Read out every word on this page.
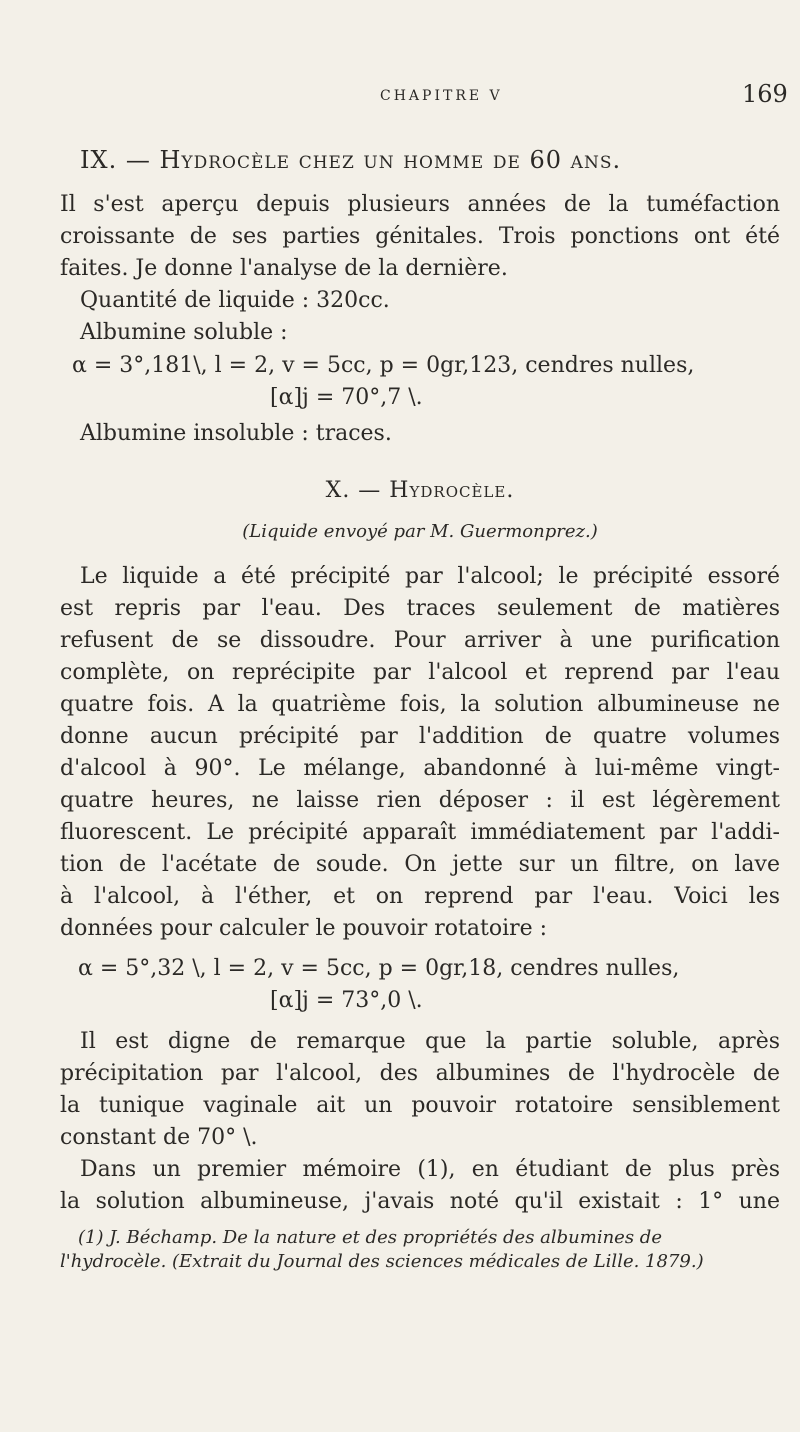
CHAPITRE V	169
IX. — Hydrocèle chez un homme de 60 ans.
Il s'est aperçu depuis plusieurs années de la tuméfaction
croissante de ses parties génitales. Trois ponctions ont été
faites. Je donne l'analyse de la dernière.
Quantité de liquide : 320cc.
Albumine soluble :
α = 3°,181\, l = 2, v = 5cc, p = 0gr,123, cendres nulles,
[α]j = 70°,7 \.
Albumine insoluble : traces.
X. — Hydrocèle.
(Liquide envoyé par M. Guermonprez.)
Le liquide a été précipité par l'alcool; le précipité essoré
est repris par l'eau. Des traces seulement de matières
refusent de se dissoudre. Pour arriver à une purification
complète, on reprécipite par l'alcool et reprend par l'eau
quatre fois. A la quatrième fois, la solution albumineuse ne
donne aucun précipité par l'addition de quatre volumes
d'alcool à 90°. Le mélange, abandonné à lui-même vingt-
quatre heures, ne laisse rien déposer : il est légèrement
fluorescent. Le précipité apparaît immédiatement par l'addi-
tion de l'acétate de soude. On jette sur un filtre, on lave
à l'alcool, à l'éther, et on reprend par l'eau. Voici les
données pour calculer le pouvoir rotatoire :
α = 5°,32 \, l = 2, v = 5cc, p = 0gr,18, cendres nulles,
[α]j = 73°,0 \.
Il est digne de remarque que la partie soluble, après
précipitation par l'alcool, des albumines de l'hydrocèle de
la tunique vaginale ait un pouvoir rotatoire sensiblement
constant de 70° \.
Dans un premier mémoire (1), en étudiant de plus près
la solution albumineuse, j'avais noté qu'il existait : 1° une
(1) J. Béchamp. De la nature et des propriétés des albumines de
l'hydrocèle. (Extrait du Journal des sciences médicales de Lille. 1879.)
